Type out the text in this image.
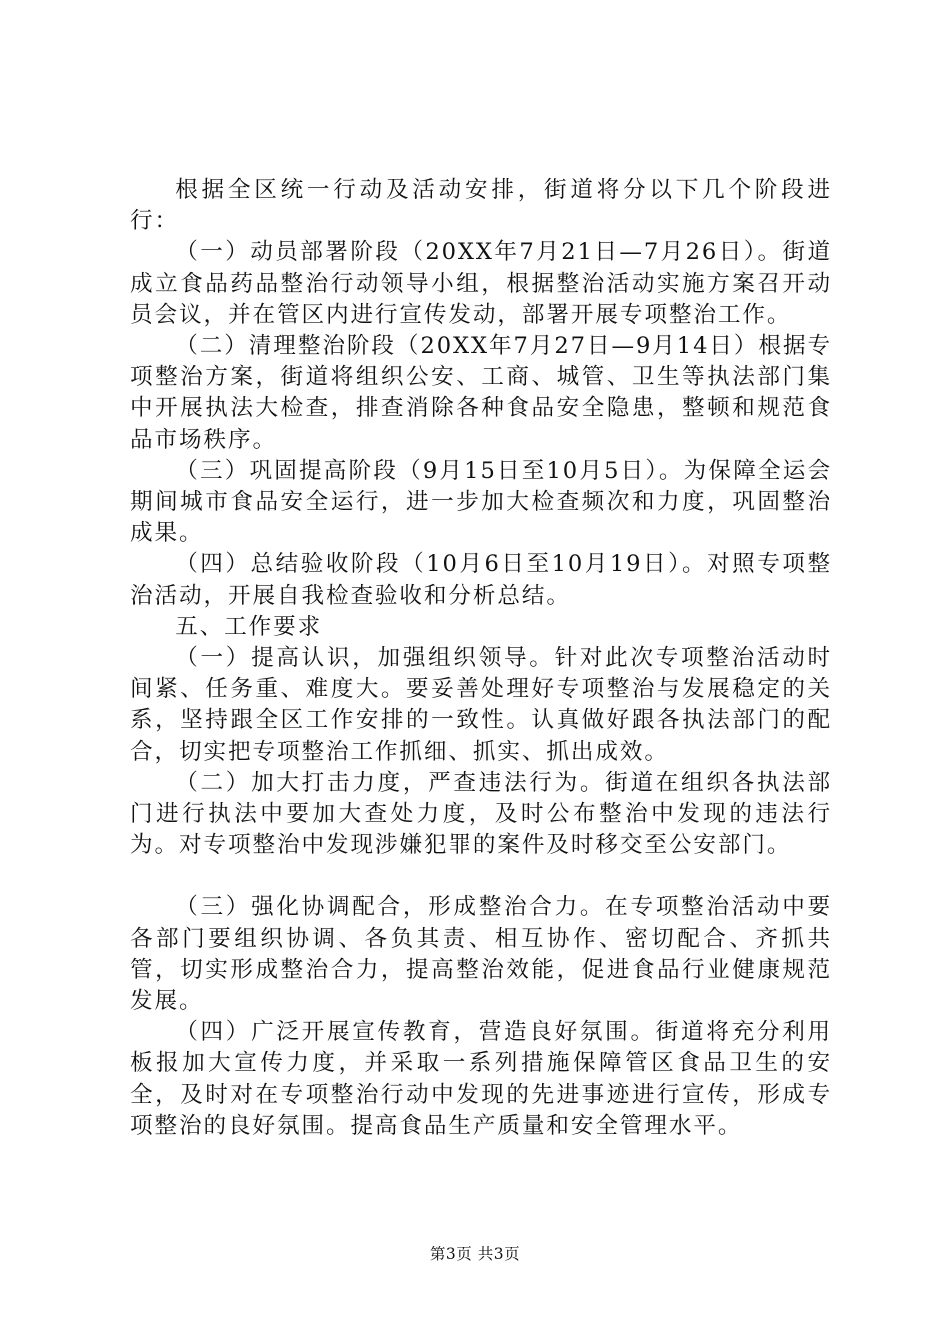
根据全区统一行动及活动安排，街道将分以下几个阶段进行：

（一）动员部署阶段（20XX年7月21日—7月26日）。街道成立食品药品整治行动领导小组，根据整治活动实施方案召开动员会议，并在管区内进行宣传发动，部署开展专项整治工作。

（二）清理整治阶段（20XX年7月27日—9月14日）根据专项整治方案，街道将组织公安、工商、城管、卫生等执法部门集中开展执法大检查，排查消除各种食品安全隐患，整顿和规范食品市场秩序。

（三）巩固提高阶段（9月15日至10月5日）。为保障全运会期间城市食品安全运行，进一步加大检查频次和力度，巩固整治成果。

（四）总结验收阶段（10月6日至10月19日）。对照专项整治活动，开展自我检查验收和分析总结。

五、工作要求

（一）提高认识，加强组织领导。针对此次专项整治活动时间紧、任务重、难度大。要妥善处理好专项整治与发展稳定的关系，坚持跟全区工作安排的一致性。认真做好跟各执法部门的配合，切实把专项整治工作抓细、抓实、抓出成效。

（二）加大打击力度，严查违法行为。街道在组织各执法部门进行执法中要加大查处力度，及时公布整治中发现的违法行为。对专项整治中发现涉嫌犯罪的案件及时移交至公安部门。

（三）强化协调配合，形成整治合力。在专项整治活动中要各部门要组织协调、各负其责、相互协作、密切配合、齐抓共管，切实形成整治合力，提高整治效能，促进食品行业健康规范发展。

（四）广泛开展宣传教育，营造良好氛围。街道将充分利用板报加大宣传力度，并采取一系列措施保障管区食品卫生的安全，及时对在专项整治行动中发现的先进事迹进行宣传，形成专项整治的良好氛围。提高食品生产质量和安全管理水平。

第3页 共3页
